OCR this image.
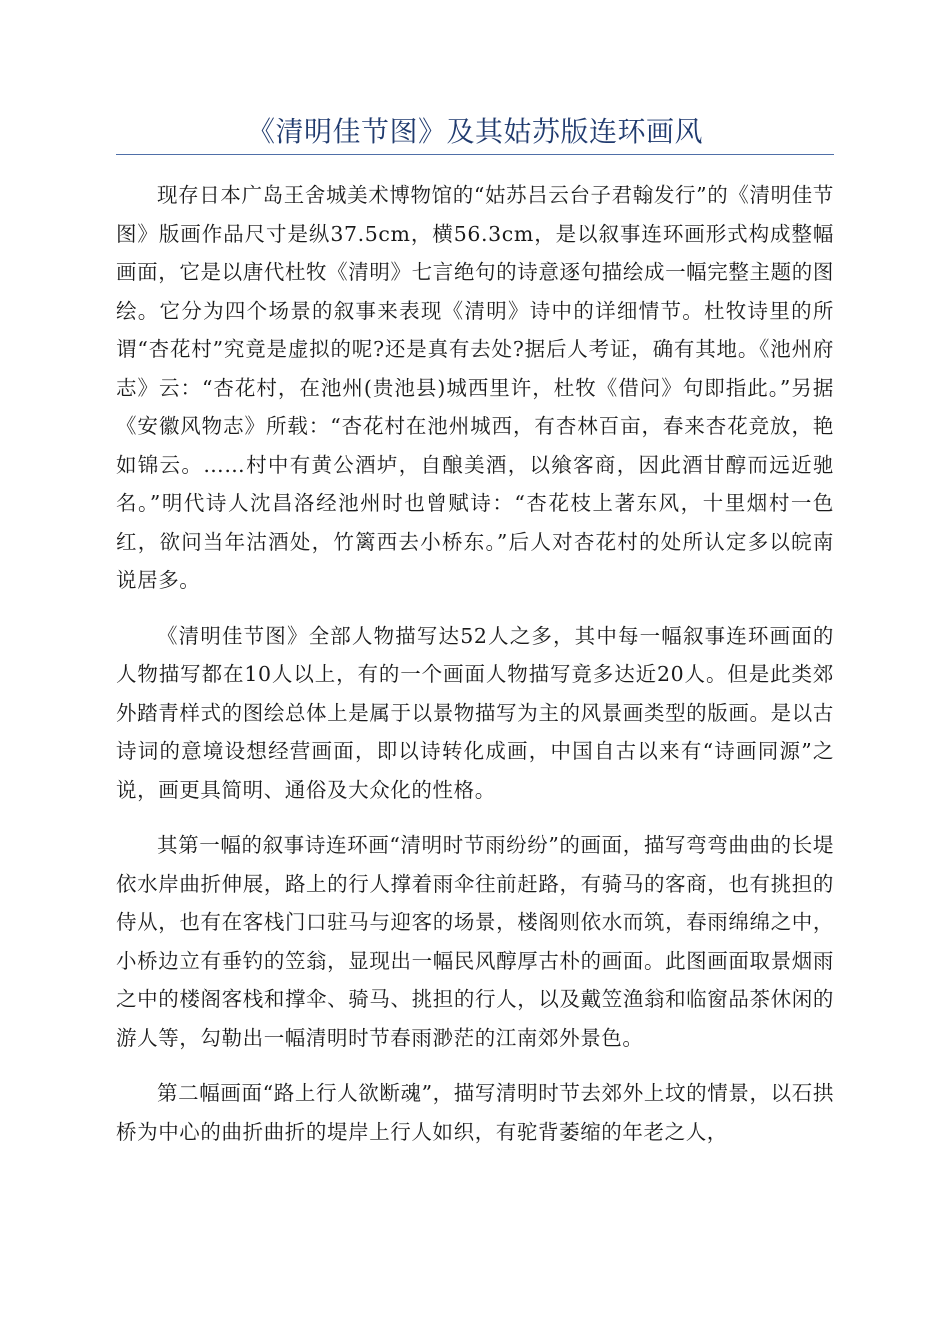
《清明佳节图》及其姑苏版连环画风

现存日本广岛王舍城美术博物馆的“姑苏吕云台子君翰发行”的《清明佳节图》版画作品尺寸是纵37.5cm，横56.3cm，是以叙事连环画形式构成整幅画面，它是以唐代杜牧《清明》七言绝句的诗意逐句描绘成一幅完整主题的图绘。它分为四个场景的叙事来表现《清明》诗中的详细情节。杜牧诗里的所谓“杏花村”究竟是虚拟的呢?还是真有去处?据后人考证，确有其地。《池州府志》云：“杏花村，在池州(贵池县)城西里许，杜牧《借问》句即指此。”另据《安徽风物志》所载：“杏花村在池州城西，有杏林百亩，春来杏花竞放，艳如锦云。……村中有黄公酒垆，自酿美酒，以飨客商，因此酒甘醇而远近驰名。”明代诗人沈昌洛经池州时也曾赋诗：“杏花枝上著东风，十里烟村一色红，欲问当年沽酒处，竹篱西去小桥东。”后人对杏花村的处所认定多以皖南说居多。

《清明佳节图》全部人物描写达52人之多，其中每一幅叙事连环画面的人物描写都在10人以上，有的一个画面人物描写竟多达近20人。但是此类郊外踏青样式的图绘总体上是属于以景物描写为主的风景画类型的版画。是以古诗词的意境设想经营画面，即以诗转化成画，中国自古以来有“诗画同源”之说，画更具简明、通俗及大众化的性格。

其第一幅的叙事诗连环画“清明时节雨纷纷”的画面，描写弯弯曲曲的长堤依水岸曲折伸展，路上的行人撑着雨伞往前赶路，有骑马的客商，也有挑担的侍从，也有在客栈门口驻马与迎客的场景，楼阁则依水而筑，春雨绵绵之中，小桥边立有垂钓的笠翁，显现出一幅民风醇厚古朴的画面。此图画面取景烟雨之中的楼阁客栈和撑伞、骑马、挑担的行人，以及戴笠渔翁和临窗品茶休闲的游人等，勾勒出一幅清明时节春雨渺茫的江南郊外景色。

第二幅画面“路上行人欲断魂”，描写清明时节去郊外上坟的情景，以石拱桥为中心的曲折曲折的堤岸上行人如织，有驼背萎缩的年老之人，
